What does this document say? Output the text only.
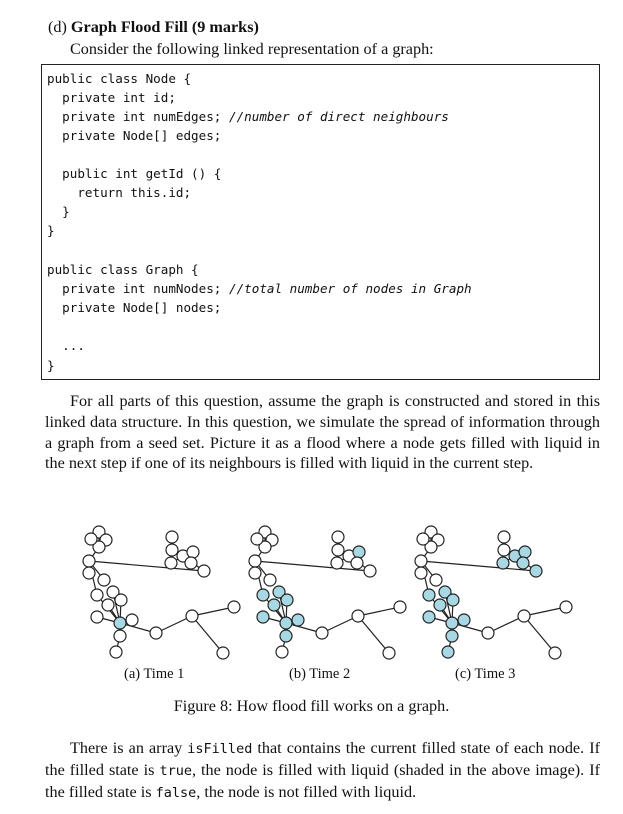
(d) Graph Flood Fill (9 marks)
Consider the following linked representation of a graph:
public class Node {
private int id;
private int numEdges; //number of direct neighbours
private Node[] edges;
public int getId () {
return this.id;
}
}
public class Graph {
private int numNodes; //total number of nodes in Graph
private Node[] nodes;
...
}
For all parts of this question, assume the graph is constructed and stored in this linked data structure. In this question, we simulate the spread of information through a graph from a seed set. Picture it as a flood where a node gets filled with liquid in the next step if one of its neighbours is filled with liquid in the current step.
(a) Time 1	(b) Time 2	(c) Time 3
Figure 8: How flood fill works on a graph.
There is an array isFilled that contains the current filled state of each node. If the filled state is true, the node is filled with liquid (shaded in the above image). If the filled state is false, the node is not filled with liquid.
